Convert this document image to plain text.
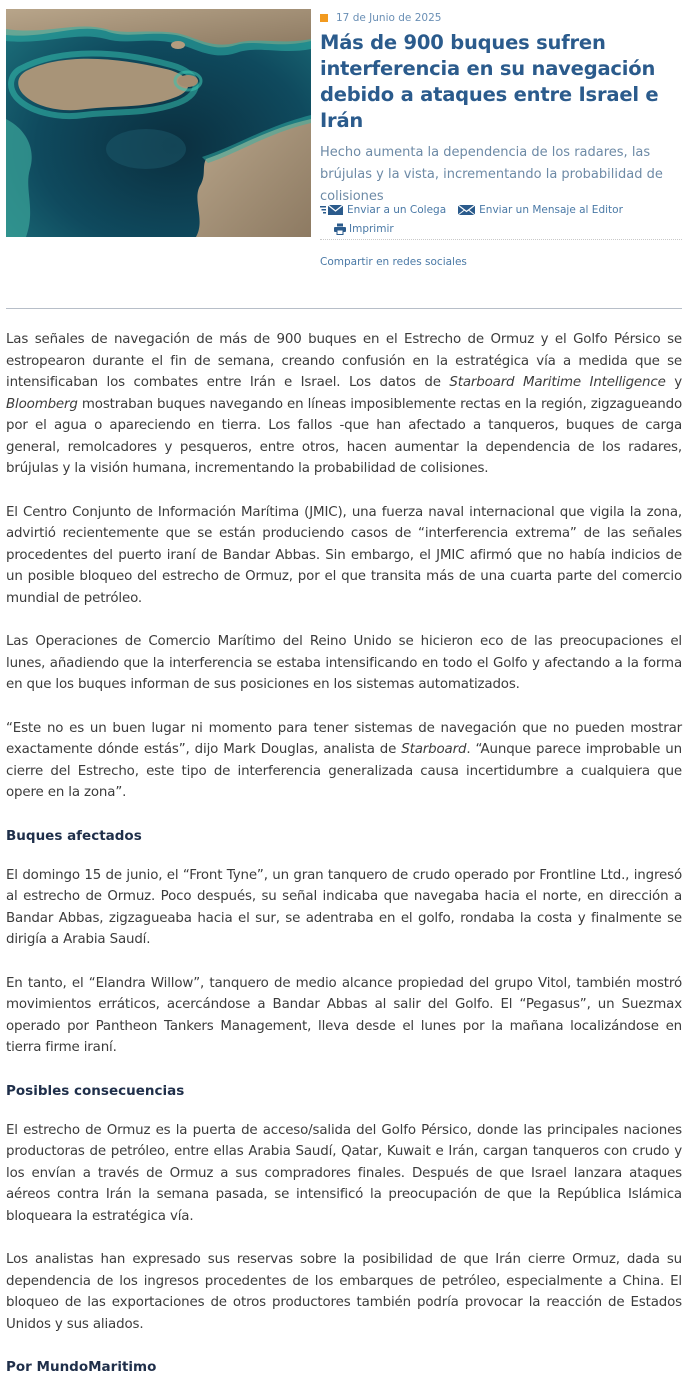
17 de Junio de 2025
Más de 900 buques sufren interferencia en su navegación debido a ataques entre Israel e Irán

Hecho aumenta la dependencia de los radares, las brújulas y la vista, incrementando la probabilidad de colisiones

Enviar a un Colega	Enviar un Mensaje al Editor
Imprimir
Compartir en redes sociales

Las señales de navegación de más de 900 buques en el Estrecho de Ormuz y el Golfo Pérsico se estropearon durante el fin de semana, creando confusión en la estratégica vía a medida que se intensificaban los combates entre Irán e Israel. Los datos de Starboard Maritime Intelligence y Bloomberg mostraban buques navegando en líneas imposiblemente rectas en la región, zigzagueando por el agua o apareciendo en tierra. Los fallos -que han afectado a tanqueros, buques de carga general, remolcadores y pesqueros, entre otros, hacen aumentar la dependencia de los radares, brújulas y la visión humana, incrementando la probabilidad de colisiones.

El Centro Conjunto de Información Marítima (JMIC), una fuerza naval internacional que vigila la zona, advirtió recientemente que se están produciendo casos de “interferencia extrema” de las señales procedentes del puerto iraní de Bandar Abbas. Sin embargo, el JMIC afirmó que no había indicios de un posible bloqueo del estrecho de Ormuz, por el que transita más de una cuarta parte del comercio mundial de petróleo.

Las Operaciones de Comercio Marítimo del Reino Unido se hicieron eco de las preocupaciones el lunes, añadiendo que la interferencia se estaba intensificando en todo el Golfo y afectando a la forma en que los buques informan de sus posiciones en los sistemas automatizados.

“Este no es un buen lugar ni momento para tener sistemas de navegación que no pueden mostrar exactamente dónde estás”, dijo Mark Douglas, analista de Starboard. “Aunque parece improbable un cierre del Estrecho, este tipo de interferencia generalizada causa incertidumbre a cualquiera que opere en la zona”.

Buques afectados

El domingo 15 de junio, el “Front Tyne”, un gran tanquero de crudo operado por Frontline Ltd., ingresó al estrecho de Ormuz. Poco después, su señal indicaba que navegaba hacia el norte, en dirección a Bandar Abbas, zigzagueaba hacia el sur, se adentraba en el golfo, rondaba la costa y finalmente se dirigía a Arabia Saudí.

En tanto, el “Elandra Willow”, tanquero de medio alcance propiedad del grupo Vitol, también mostró movimientos erráticos, acercándose a Bandar Abbas al salir del Golfo. El “Pegasus”, un Suezmax operado por Pantheon Tankers Management, lleva desde el lunes por la mañana localizándose en tierra firme iraní.

Posibles consecuencias

El estrecho de Ormuz es la puerta de acceso/salida del Golfo Pérsico, donde las principales naciones productoras de petróleo, entre ellas Arabia Saudí, Qatar, Kuwait e Irán, cargan tanqueros con crudo y los envían a través de Ormuz a sus compradores finales. Después de que Israel lanzara ataques aéreos contra Irán la semana pasada, se intensificó la preocupación de que la República Islámica bloqueara la estratégica vía.

Los analistas han expresado sus reservas sobre la posibilidad de que Irán cierre Ormuz, dada su dependencia de los ingresos procedentes de los embarques de petróleo, especialmente a China. El bloqueo de las exportaciones de otros productores también podría provocar la reacción de Estados Unidos y sus aliados.

Por MundoMaritimo
